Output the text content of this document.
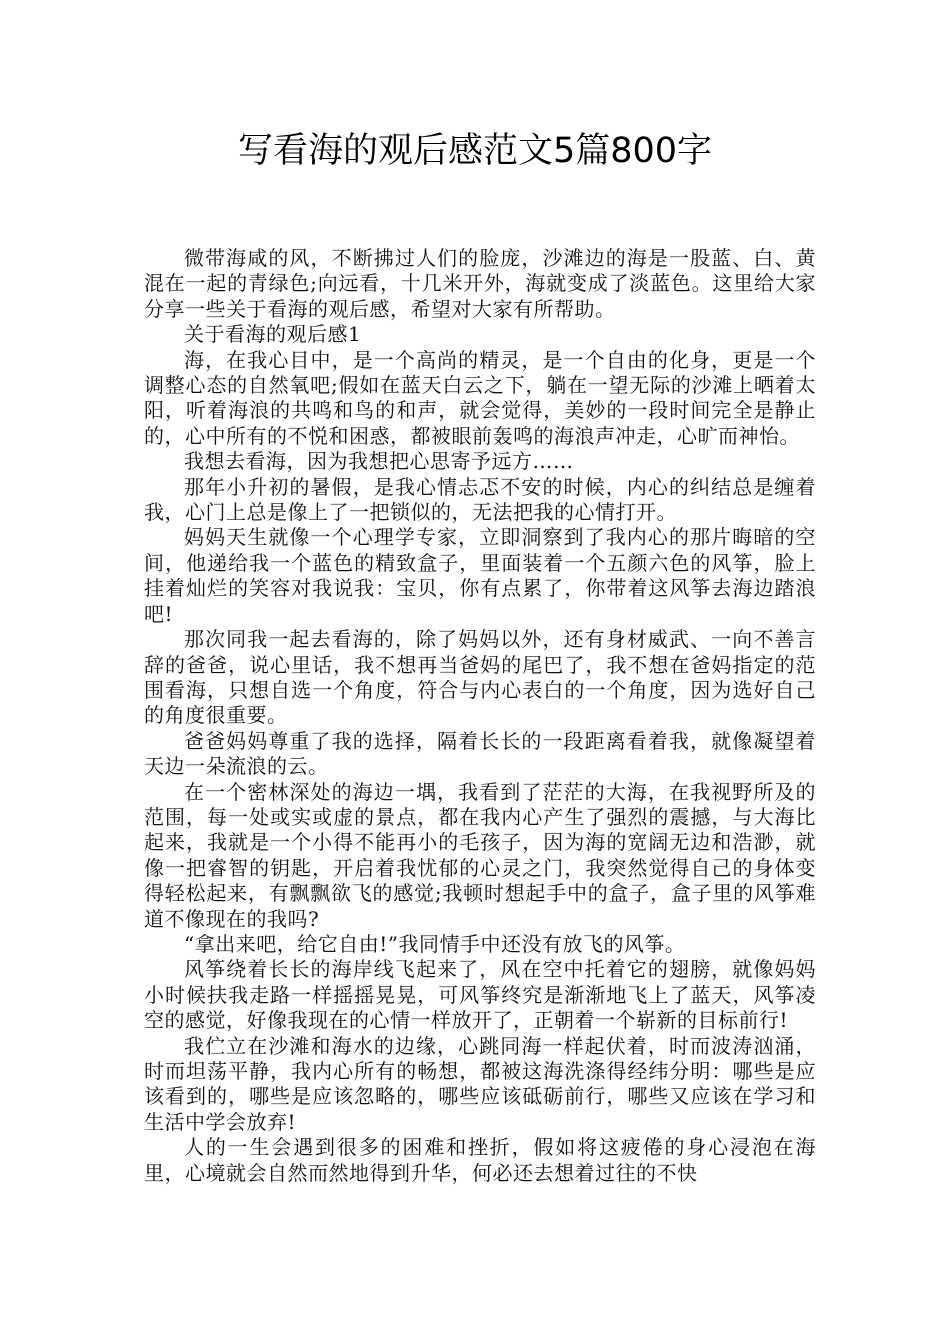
写看海的观后感范文5篇800字

微带海咸的风，不断拂过人们的脸庞，沙滩边的海是一股蓝、白、黄混在一起的青绿色;向远看，十几米开外，海就变成了淡蓝色。这里给大家分享一些关于看海的观后感，希望对大家有所帮助。

关于看海的观后感1

海，在我心目中，是一个高尚的精灵，是一个自由的化身，更是一个调整心态的自然氧吧;假如在蓝天白云之下，躺在一望无际的沙滩上晒着太阳，听着海浪的共鸣和鸟的和声，就会觉得，美妙的一段时间完全是静止的，心中所有的不悦和困惑，都被眼前轰鸣的海浪声冲走，心旷而神怡。

我想去看海，因为我想把心思寄予远方……

那年小升初的暑假，是我心情忐忑不安的时候，内心的纠结总是缠着我，心门上总是像上了一把锁似的，无法把我的心情打开。

妈妈天生就像一个心理学专家，立即洞察到了我内心的那片晦暗的空间，他递给我一个蓝色的精致盒子，里面装着一个五颜六色的风筝，脸上挂着灿烂的笑容对我说我：宝贝，你有点累了，你带着这风筝去海边踏浪吧!

那次同我一起去看海的，除了妈妈以外，还有身材威武、一向不善言辞的爸爸，说心里话，我不想再当爸妈的尾巴了，我不想在爸妈指定的范围看海，只想自选一个角度，符合与内心表白的一个角度，因为选好自己的角度很重要。

爸爸妈妈尊重了我的选择，隔着长长的一段距离看着我，就像凝望着天边一朵流浪的云。

在一个密林深处的海边一堣，我看到了茫茫的大海，在我视野所及的范围，每一处或实或虚的景点，都在我内心产生了强烈的震撼，与大海比起来，我就是一个小得不能再小的毛孩子，因为海的宽阔无边和浩渺，就像一把睿智的钥匙，开启着我忧郁的心灵之门，我突然觉得自己的身体变得轻松起来，有飘飘欲飞的感觉;我顿时想起手中的盒子，盒子里的风筝难道不像现在的我吗?

“拿出来吧，给它自由!”我同情手中还没有放飞的风筝。

风筝绕着长长的海岸线飞起来了，风在空中托着它的翅膀，就像妈妈小时候扶我走路一样摇摇晃晃，可风筝终究是渐渐地飞上了蓝天，风筝凌空的感觉，好像我现在的心情一样放开了，正朝着一个崭新的目标前行!

我伫立在沙滩和海水的边缘，心跳同海一样起伏着，时而波涛汹涌，时而坦荡平静，我内心所有的畅想，都被这海洗涤得经纬分明：哪些是应该看到的，哪些是应该忽略的，哪些应该砥砺前行，哪些又应该在学习和生活中学会放弃!

人的一生会遇到很多的困难和挫折，假如将这疲倦的身心浸泡在海里，心境就会自然而然地得到升华，何必还去想着过往的不快
